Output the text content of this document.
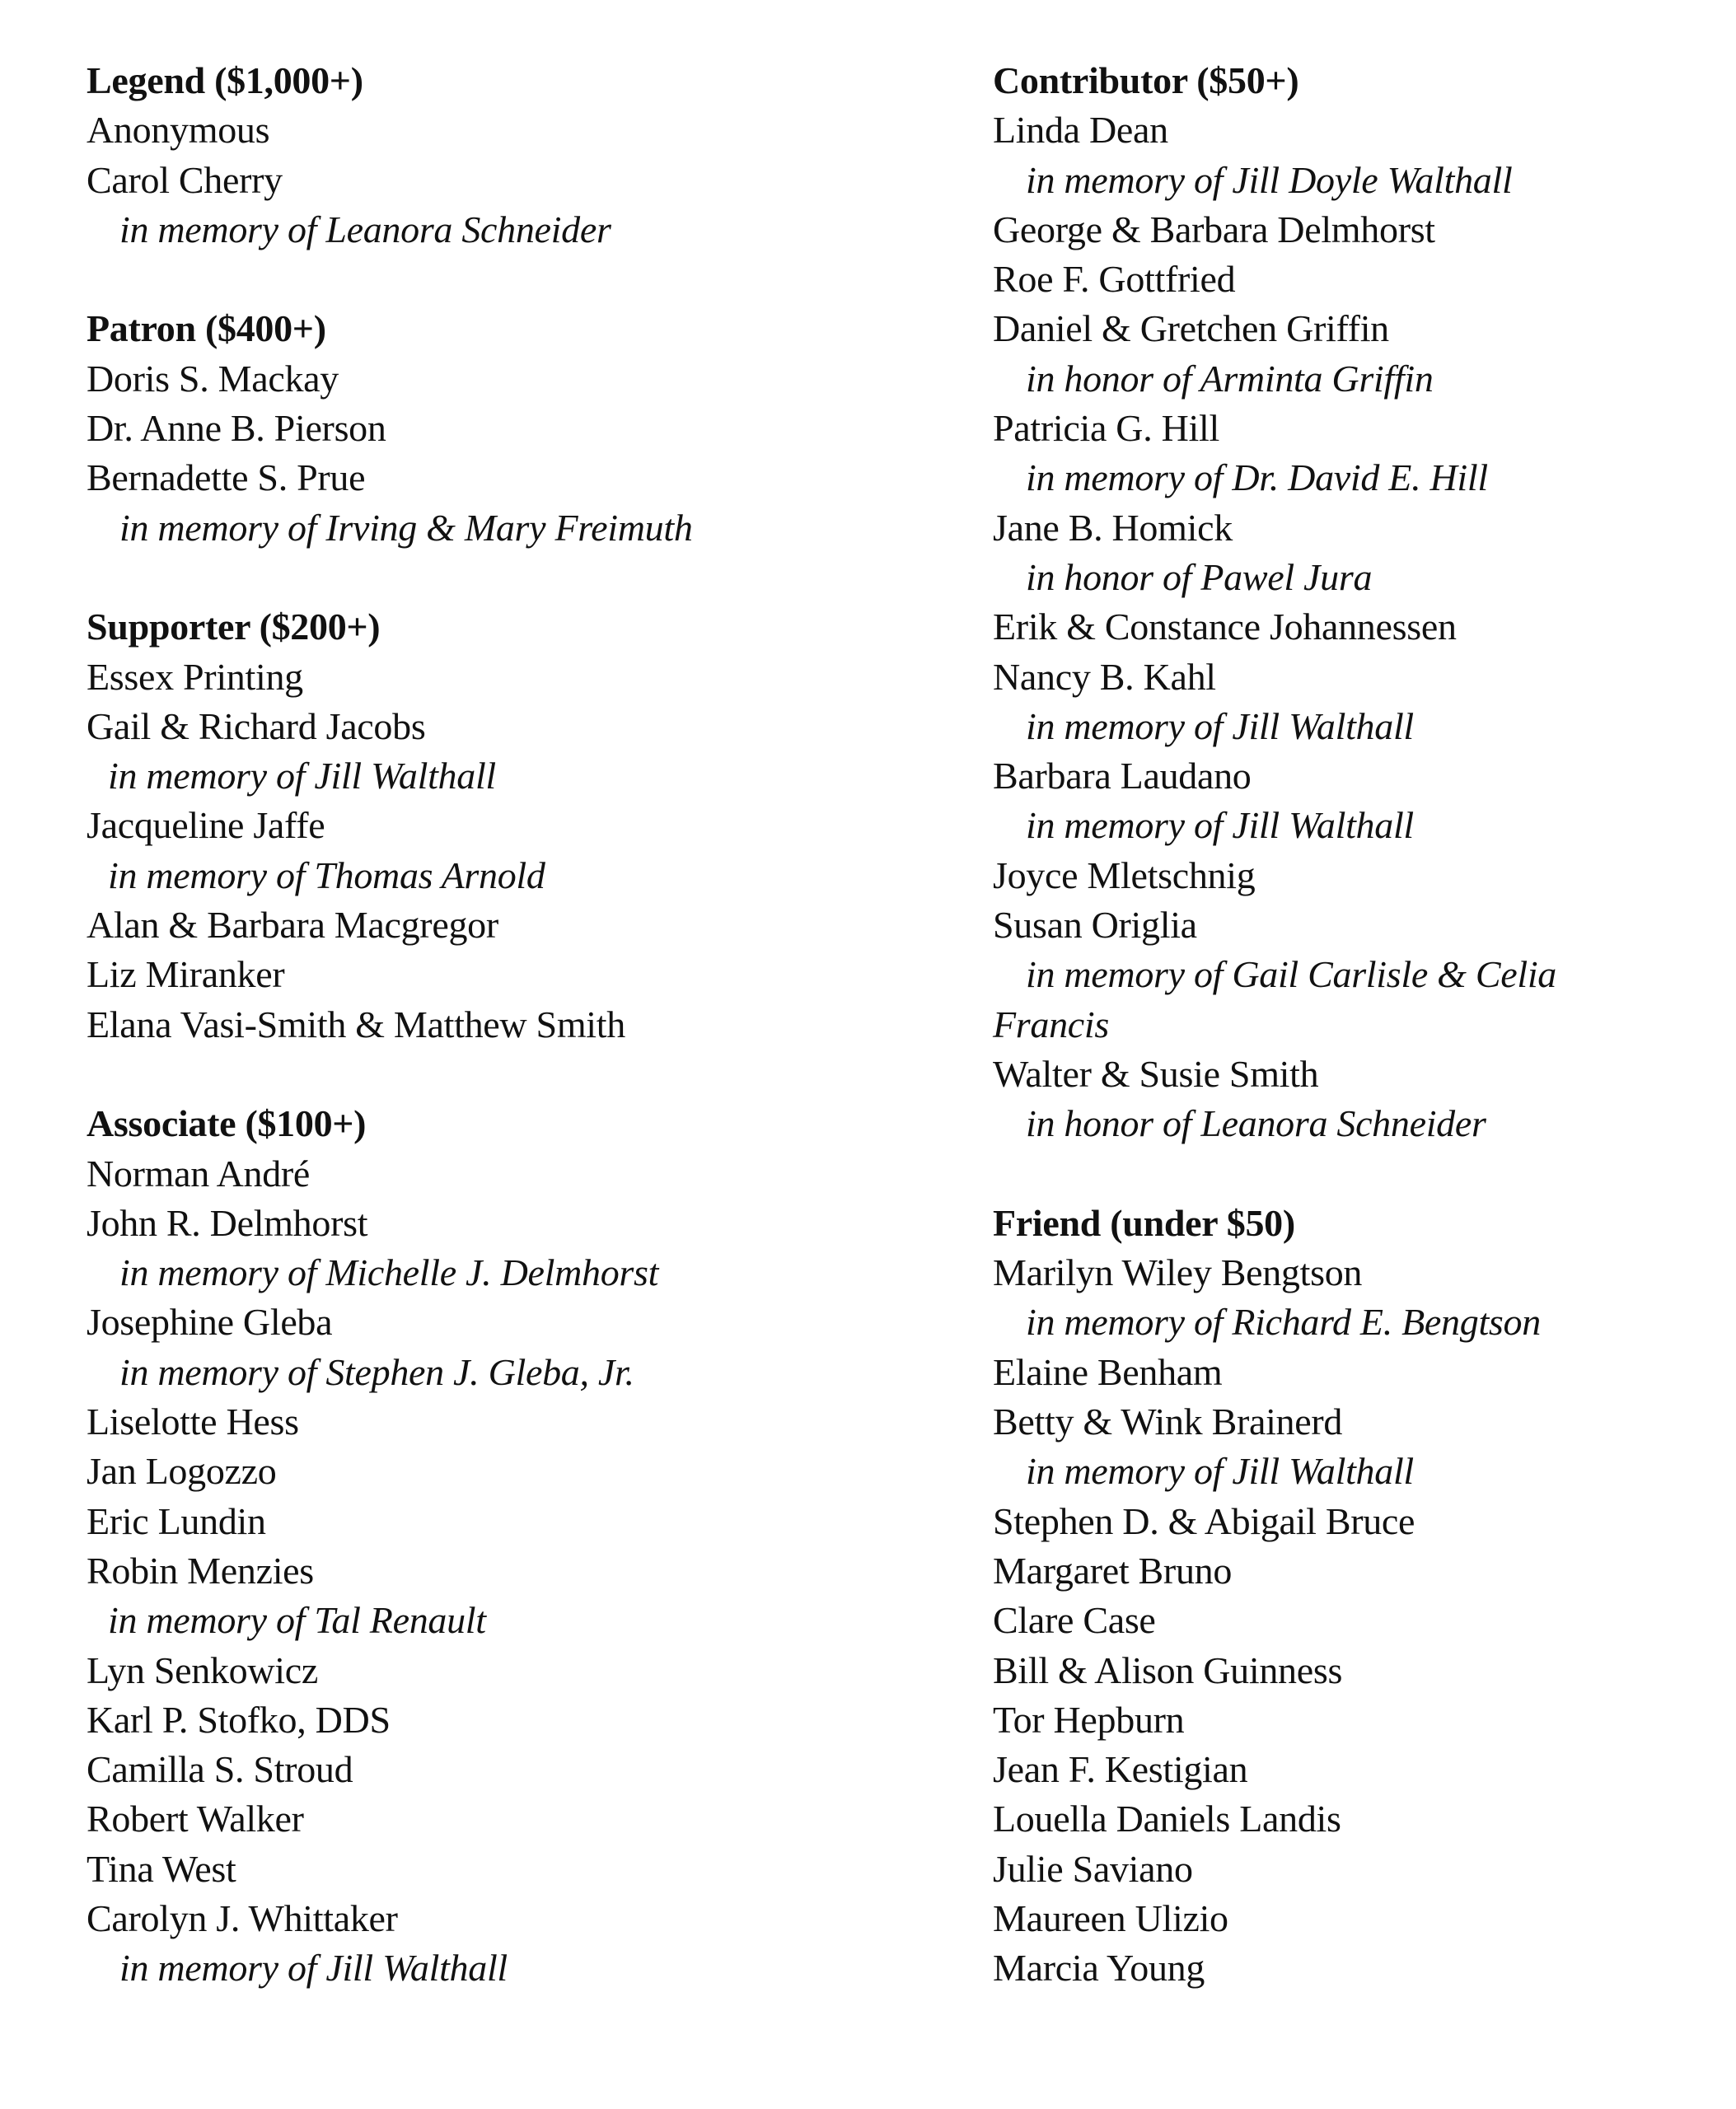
Legend ($1,000+)
Anonymous
Carol Cherry
in memory of Leanora Schneider
Patron ($400+)
Doris S. Mackay
Dr. Anne B. Pierson
Bernadette S. Prue
in memory of Irving & Mary Freimuth
Supporter ($200+)
Essex Printing
Gail & Richard Jacobs
in memory of Jill Walthall
Jacqueline Jaffe
in memory of Thomas Arnold
Alan & Barbara Macgregor
Liz Miranker
Elana Vasi-Smith & Matthew Smith
Associate ($100+)
Norman André
John R. Delmhorst
in memory of Michelle J. Delmhorst
Josephine Gleba
in memory of Stephen J. Gleba, Jr.
Liselotte Hess
Jan Logozzo
Eric Lundin
Robin Menzies
in memory of Tal Renault
Lyn Senkowicz
Karl P. Stofko, DDS
Camilla S. Stroud
Robert Walker
Tina West
Carolyn J. Whittaker
in memory of Jill Walthall
Contributor ($50+)
Linda Dean
in memory of Jill Doyle Walthall
George & Barbara Delmhorst
Roe F. Gottfried
Daniel & Gretchen Griffin
in honor of Arminta Griffin
Patricia G. Hill
in memory of Dr. David E. Hill
Jane B. Homick
in honor of Pawel Jura
Erik & Constance Johannessen
Nancy B. Kahl
in memory of Jill Walthall
Barbara Laudano
in memory of Jill Walthall
Joyce Mletschnig
Susan Origlia
in memory of Gail Carlisle & Celia
Francis
Walter & Susie Smith
in honor of Leanora Schneider
Friend (under $50)
Marilyn Wiley Bengtson
in memory of Richard E. Bengtson
Elaine Benham
Betty & Wink Brainerd
in memory of Jill Walthall
Stephen D. & Abigail Bruce
Margaret Bruno
Clare Case
Bill & Alison Guinness
Tor Hepburn
Jean F. Kestigian
Louella Daniels Landis
Julie Saviano
Maureen Ulizio
Marcia Young
